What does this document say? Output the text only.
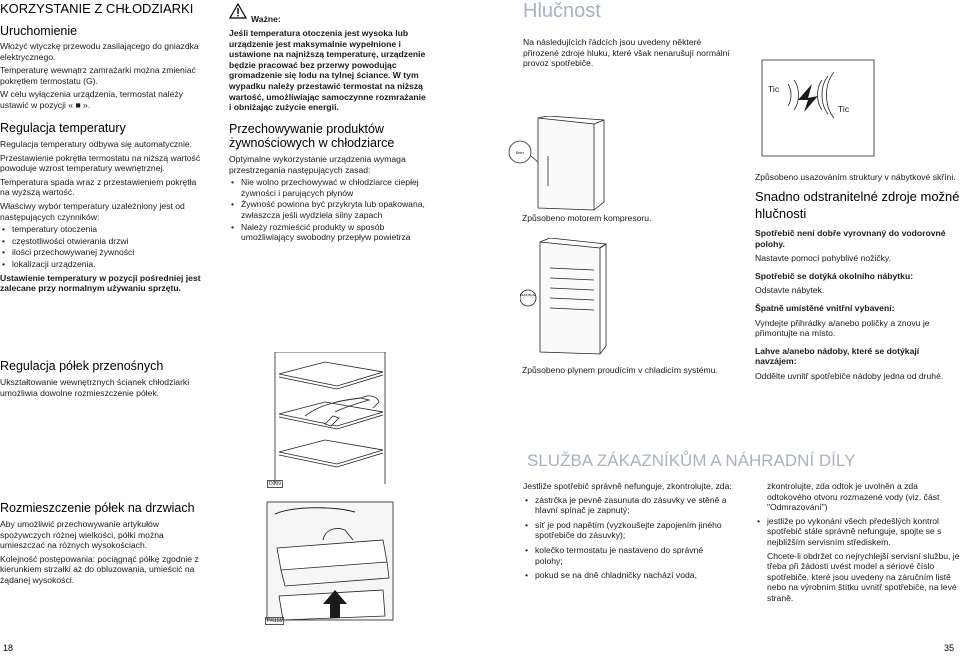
KORZYSTANIE Z CHŁODZIARKI
Uruchomienie

Włożyć wtyczkę przewodu zasilającego do gniazdka elektrycznego.

Temperaturę wewnątrz zamrażarki można zmieniać pokrętłem termostatu (G).

W celu wyłączenia urządzenia, termostat należy ustawić w pozycji « ■ ».

Regulacja temperatury

Regulacja temperatury odbywa się automatycznie.

Przestawienie pokrętła termostatu na niższą wartość powoduje wzrost temperatury wewnętrznej.

Temperatura spada wraz z przestawieniem pokrętła na wyższą wartość.

Właściwy wybór temperatury uzależniony jest od następujących czynników:

• temperatury otoczenia
• częstotliwości otwierania drzwi
• ilości przechowywanej żywności
• lokalizacji urządzenia.

Ustawienie temperatury w pozycji pośredniej jest zalecane przy normalnym używaniu sprzętu.

Regulacja półek przenośnych
Ukształtowanie wewnętrznych ścianek chłodziarki umożliwia dowolne rozmieszczenie półek.
Rozmieszczenie półek na drzwiach

Aby umożliwić przechowywanie artykułów spożywczych różnej wielkości, półki można umieszczać na różnych wysokościach.

Kolejność postępowania: pociągnąć półkę zgodnie z kierunkiem strzałki aż do obluzowania, umieścić na żądanej wysokości.

18
Ważne:
Jeśli temperatura otoczenia jest wysoka lub urządzenie jest maksymalnie wypełnione i ustawione na najniższą temperaturę, urządzenie będzie pracować bez przerwy powodując gromadzenie się lodu na tylnej ściance. W tym wypadku należy przestawić termostat na niższą wartość, umożliwiając samoczynne rozmrażanie i obniżając zużycie energii.
Przechowywanie produktów żywnościowych w chłodziarce

Optymalne wykorzystanie urządzenia wymaga przestrzegania następujących zasad:

• Nie wolno przechowywać w chłodziarce ciepłej żywności i parujących płynów
• Żywność powinna być przykryta lub opakowana, zwłaszcza jeśli wydziela silny zapach
• Należy rozmieścić produkty w sposób umożliwiający swobodny przepływ powietrza
D099
PR155
Hlučnost
Na následujících řádcích jsou uvedeny některé přirozené zdroje hluku, které však nenarušují normální provoz spotřebiče.
Brrrr
Způsobeno motorem kompresoru.
Blubb Blubb
Způsobeno plynem proudícím v chladicím systému.
Tic
Tic
Způsobeno usazováním struktury v nábytkové skříni.
Snadno odstranitelné zdroje možné hlučnosti

Spotřebič není dobře vyrovnaný do vodorovné polohy.

Nastavte pomocí pohyblivé nožičky.

Spotřebič se dotýká okolního nábytku:

Odstavte nábytek.

Špatně umístěné vnitřní vybavení:

Vyndejte přihrádky a/anebo poličky a znovu je přimontujte na místo.

Lahve a/anebo nádoby, které se dotýkají navzájem:

Oddělte uvnitř spotřebiče nádoby jedna od druhé.

SLUŽBA ZÁKAZNÍKŮM A NÁHRADNÍ DÍLY

Jestliže spotřebič správně nefunguje, zkontrolujte, zda:

• zástrčka je pevně zasunuta do zásuvky ve stěně a hlavní spínač je zapnutý;
• síť je pod napětím (vyzkoušejte zapojením jiného spotřebiče do zásuvky);
• kolečko termostatu je nastaveno do správné polohy;
• pokud se na dně chladničky nachází voda,

zkontrolujte, zda odtok je uvolněn a zda odtokového otvoru rozmazené vody (viz. část "Odmrazování")

• jestliže po vykonání všech předešlých kontrol spotřebič stále správně nefunguje, spojte se s nejbližším servisním střediskem.

Chcete-li obdržet co nejrychlejší servisní službu, je třeba při žádosti uvést model a sériové číslo spotřebiče, které jsou uvedeny na záručním listě nebo na výrobním štítku uvnitř spotřebiče, na levé straně.

35
